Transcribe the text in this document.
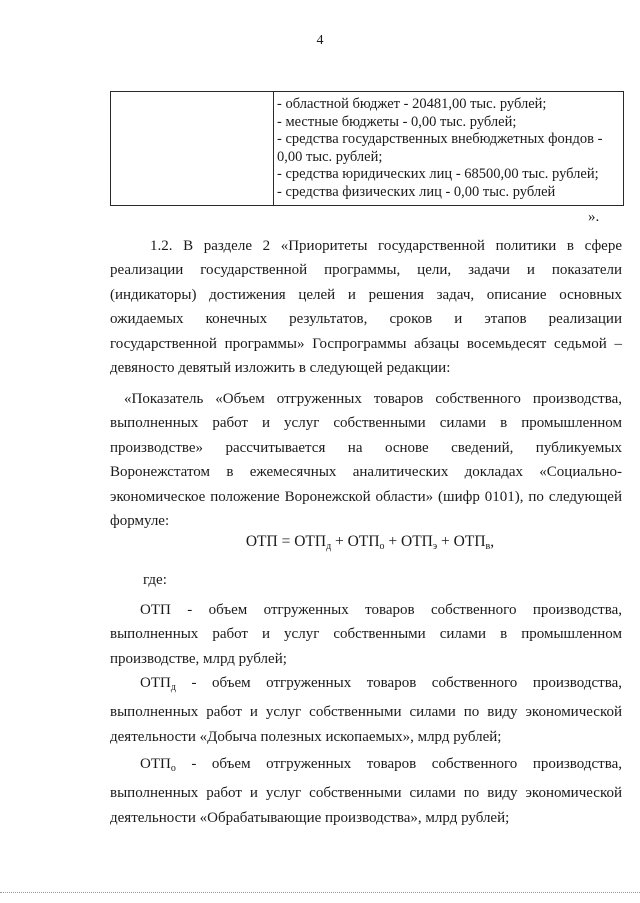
4

- областной бюджет - 20481,00 тыс. рублей;
- местные бюджеты - 0,00 тыс. рублей;
- средства государственных внебюджетных фондов -
0,00 тыс. рублей;
- средства юридических лиц - 68500,00 тыс. рублей;
- средства физических лиц - 0,00 тыс. рублей
».

1.2. В разделе 2 «Приоритеты государственной политики в сфере реализации государственной программы, цели, задачи и показатели (индикаторы) достижения целей и решения задач, описание основных ожидаемых конечных результатов, сроков и этапов реализации государственной программы» Госпрограммы абзацы восемьдесят седьмой – девяносто девятый изложить в следующей редакции:

«Показатель «Объем отгруженных товаров собственного производства, выполненных работ и услуг собственными силами в промышленном производстве» рассчитывается на основе сведений, публикуемых Воронежстатом в ежемесячных аналитических докладах «Социально-экономическое положение Воронежской области» (шифр 0101), по следующей формуле:

ОТП = $ОТП_д + ОТП_о + ОТП_э + ОТП_в$,
где:

ОТП - объем отгруженных товаров собственного производства, выполненных работ и услуг собственными силами в промышленном производстве, млрд рублей;

$ОТП_д$ - объем отгруженных товаров собственного производства, выполненных работ и услуг собственными силами по виду экономической деятельности «Добыча полезных ископаемых», млрд рублей;

$ОТП_о$ - объем отгруженных товаров собственного производства, выполненных работ и услуг собственными силами по виду экономической деятельности «Обрабатывающие производства», млрд рублей;
